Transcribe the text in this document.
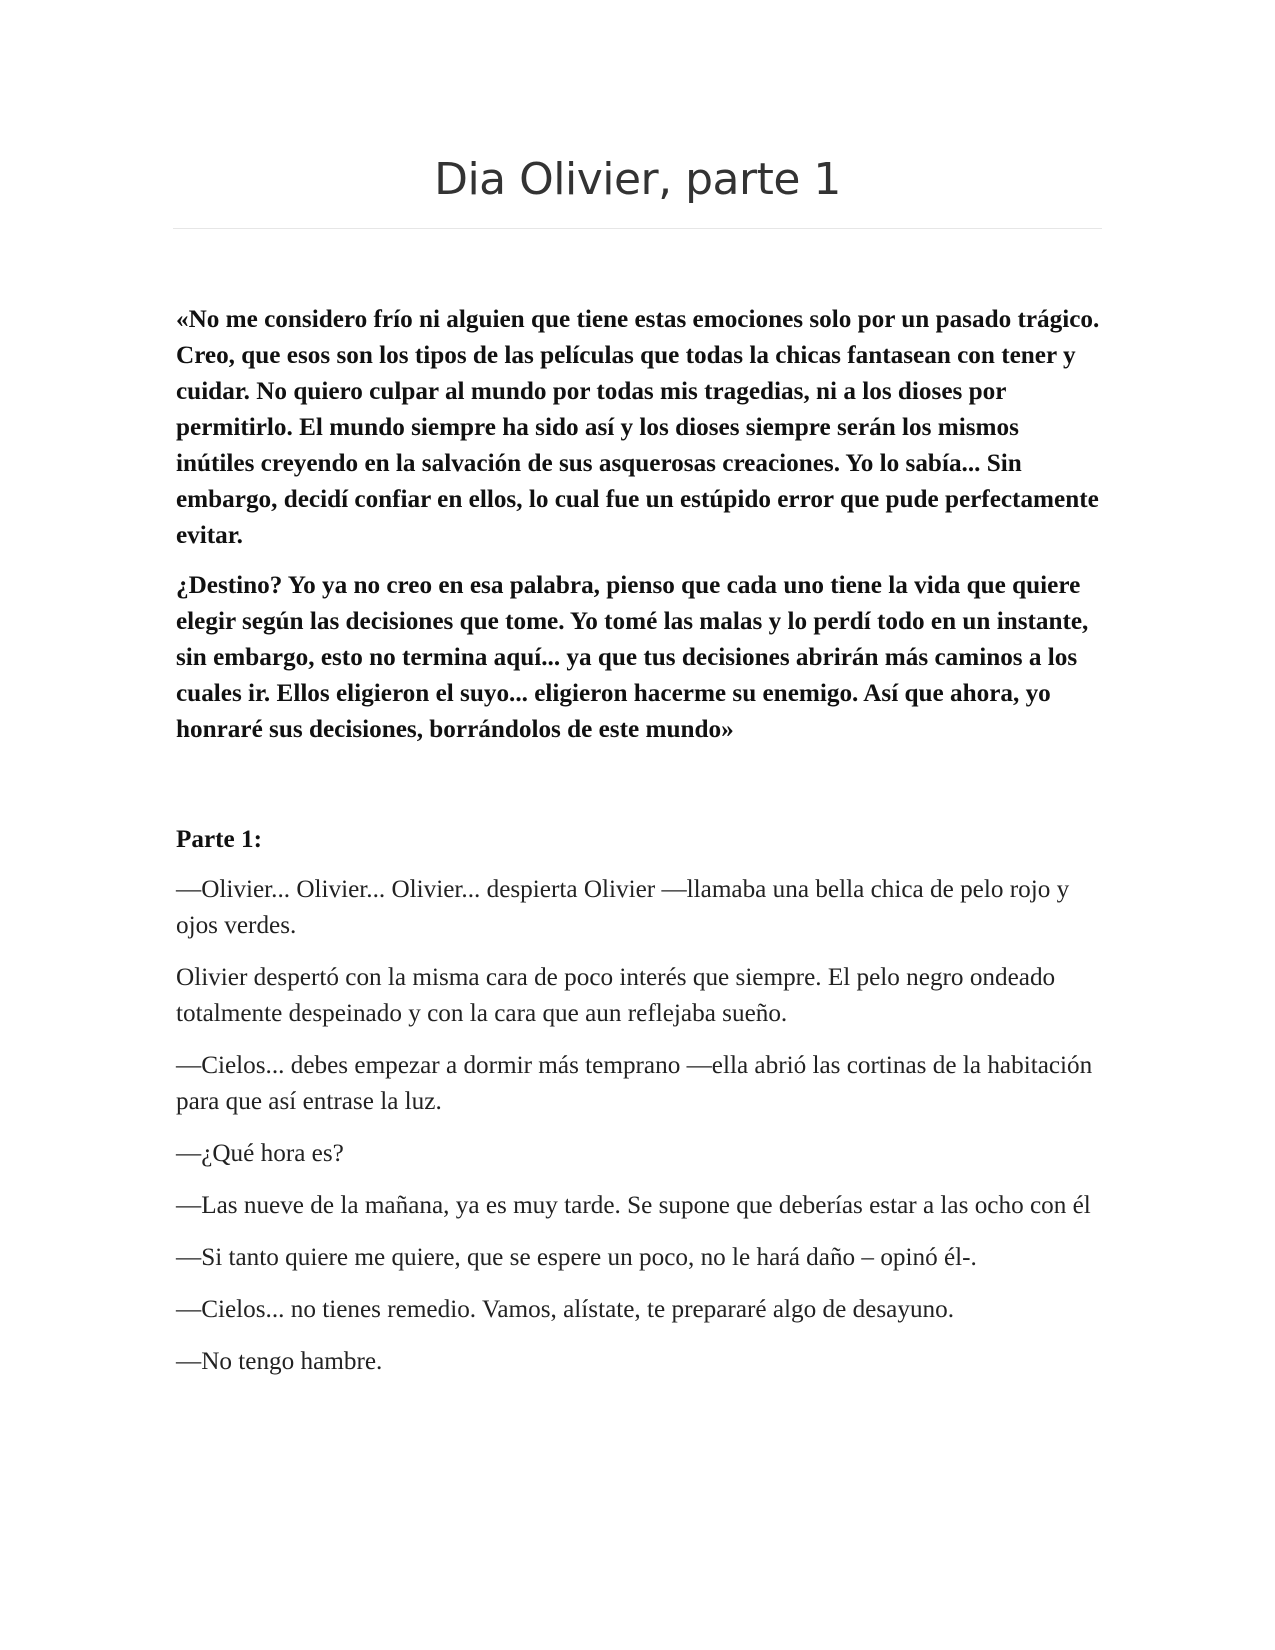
Dia Olivier, parte 1

«No me considero frío ni alguien que tiene estas emociones solo por un pasado trágico. Creo, que esos son los tipos de las películas que todas la chicas fantasean con tener y cuidar. No quiero culpar al mundo por todas mis tragedias, ni a los dioses por permitirlo. El mundo siempre ha sido así y los dioses siempre serán los mismos inútiles creyendo en la salvación de sus asquerosas creaciones. Yo lo sabía... Sin embargo, decidí confiar en ellos, lo cual fue un estúpido error que pude perfectamente evitar.

¿Destino? Yo ya no creo en esa palabra, pienso que cada uno tiene la vida que quiere elegir según las decisiones que tome. Yo tomé las malas y lo perdí todo en un instante, sin embargo, esto no termina aquí... ya que tus decisiones abrirán más caminos a los cuales ir. Ellos eligieron el suyo... eligieron hacerme su enemigo. Así que ahora, yo honraré sus decisiones, borrándolos de este mundo»

Parte 1:

—Olivier... Olivier... Olivier... despierta Olivier —llamaba una bella chica de pelo rojo y ojos verdes.

Olivier despertó con la misma cara de poco interés que siempre. El pelo negro ondeado totalmente despeinado y con la cara que aun reflejaba sueño.

—Cielos... debes empezar a dormir más temprano —ella abrió las cortinas de la habitación para que así entrase la luz.

—¿Qué hora es?

—Las nueve de la mañana, ya es muy tarde. Se supone que deberías estar a las ocho con él

—Si tanto quiere me quiere, que se espere un poco, no le hará daño – opinó él-.

—Cielos... no tienes remedio. Vamos, alístate, te prepararé algo de desayuno.

—No tengo hambre.
